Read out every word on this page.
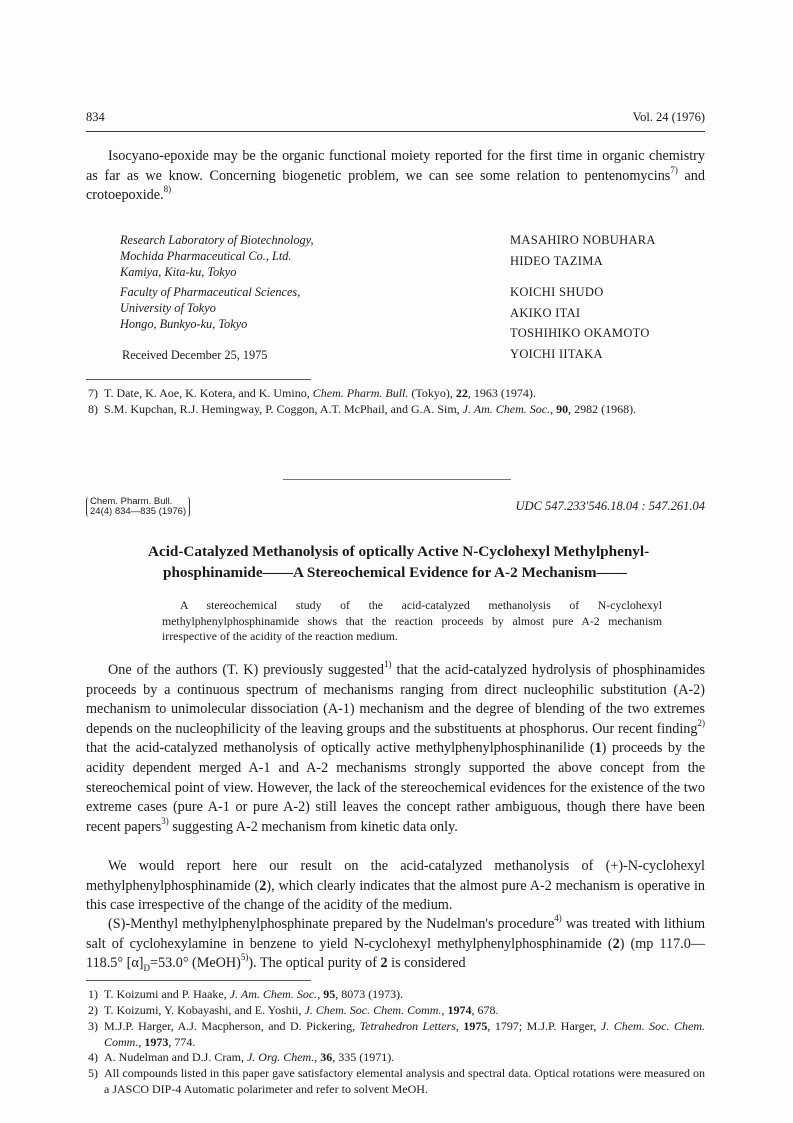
834	Vol. 24 (1976)

Isocyano-epoxide may be the organic functional moiety reported for the first time in organic chemistry as far as we know. Concerning biogenetic problem, we can see some relation to pentenomycins$^{7)}$ and crotoepoxide.$^{8)}$

Research Laboratory of Biotechnology,
Mochida Pharmaceutical Co., Ltd.
Kamiya, Kita-ku, Tokyo
Faculty of Pharmaceutical Sciences,
University of Tokyo
Hongo, Bunkyo-ku, Tokyo
MASAHIRO NOBUHARA
HIDEO TAZIMA
KOICHI SHUDO
AKIKO ITAI
TOSHIHIKO OKAMOTO
YOICHI IITAKA
Received December 25, 1975
7) T. Date, K. Aoe, K. Kotera, and K. Umino, Chem. Pharm. Bull. (Tokyo), 22, 1963 (1974).
8) S.M. Kupchan, R.J. Hemingway, P. Coggon, A.T. McPhail, and G.A. Sim, J. Am. Chem. Soc., 90, 2982 (1968).
Chem. Pharm. Bull.
24(4) 834—835 (1976)	UDC 547.233'546.18.04 : 547.261.04
Acid-Catalyzed Methanolysis of optically Active N-Cyclohexyl Methylphenyl-
phosphinamide——A Stereochemical Evidence for A-2 Mechanism——
A stereochemical study of the acid-catalyzed methanolysis of N-cyclohexyl methylphenylphosphinamide shows that the reaction proceeds by almost pure A-2 mechanism irrespective of the acidity of the reaction medium.

One of the authors (T. K) previously suggested$^{1)}$ that the acid-catalyzed hydrolysis of phosphinamides proceeds by a continuous spectrum of mechanisms ranging from direct nucleophilic substitution (A-2) mechanism to unimolecular dissociation (A-1) mechanism and the degree of blending of the two extremes depends on the nucleophilicity of the leaving groups and the substituents at phosphorus. Our recent finding$^{2)}$ that the acid-catalyzed methanolysis of optically active methylphenylphosphinanilide (1) proceeds by the acidity dependent merged A-1 and A-2 mechanisms strongly supported the above concept from the stereochemical point of view. However, the lack of the stereochemical evidences for the existence of the two extreme cases (pure A-1 or pure A-2) still leaves the concept rather ambiguous, though there have been recent papers$^{3)}$ suggesting A-2 mechanism from kinetic data only.

We would report here our result on the acid-catalyzed methanolysis of (+)-N-cyclohexyl methylphenylphosphinamide (2), which clearly indicates that the almost pure A-2 mechanism is operative in this case irrespective of the change of the acidity of the medium.

(S)-Menthyl methylphenylphosphinate prepared by the Nudelman's procedure$^{4)}$ was treated with lithium salt of cyclohexylamine in benzene to yield N-cyclohexyl methylphenylphosphinamide (2) (mp 117.0—118.5° $[\alpha]_D=53.0^\circ$ (MeOH)$^{5)}$). The optical purity of 2 is considered

1) T. Koizumi and P. Haake, J. Am. Chem. Soc., 95, 8073 (1973).
2) T. Koizumi, Y. Kobayashi, and E. Yoshii, J. Chem. Soc. Chem. Comm., 1974, 678.
3) M.J.P. Harger, A.J. Macpherson, and D. Pickering, Tetrahedron Letters, 1975, 1797; M.J.P. Harger, J. Chem. Soc. Chem. Comm., 1973, 774.
4) A. Nudelman and D.J. Cram, J. Org. Chem., 36, 335 (1971).
5) All compounds listed in this paper gave satisfactory elemental analysis and spectral data. Optical rotations were measured on a JASCO DIP-4 Automatic polarimeter and refer to solvent MeOH.
